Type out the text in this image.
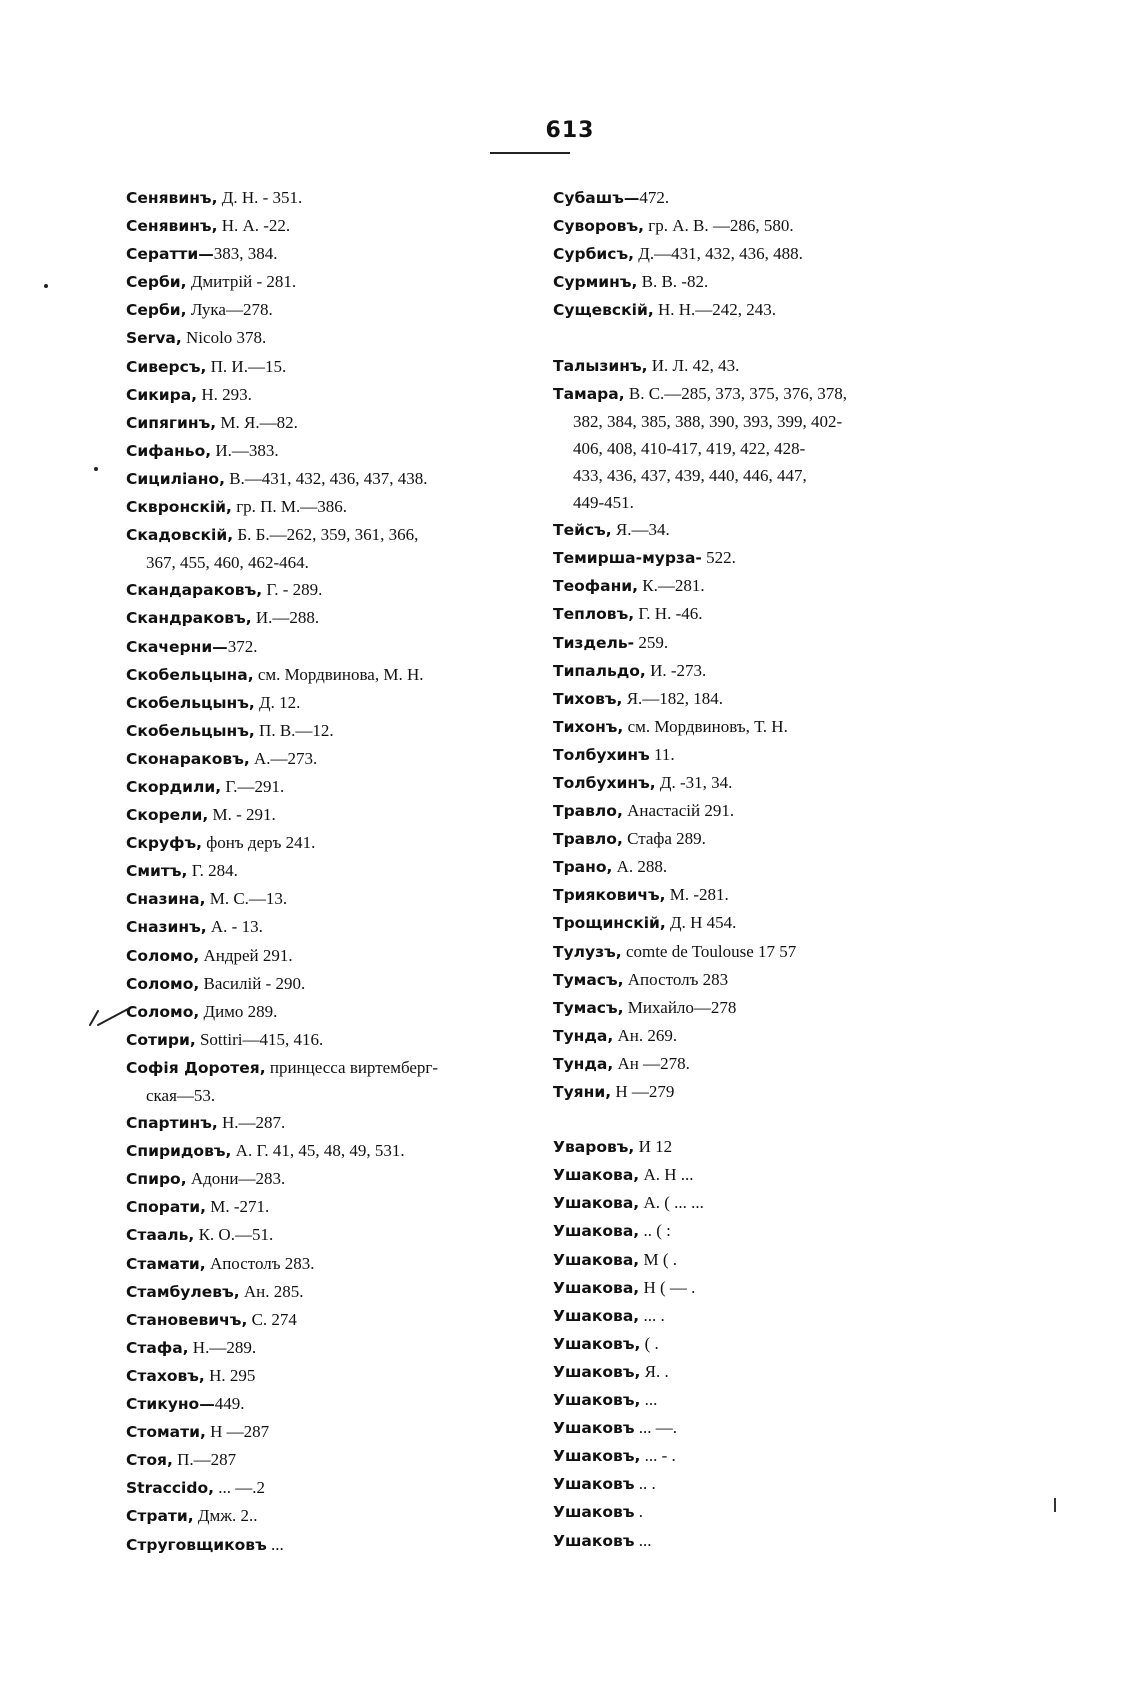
613
Сенявинъ, Д. Н. - 351.
Сенявинъ, Н. А. -22.
Сератти—383, 384.
Серби, Дмитрій - 281.
Серби, Лука—278.
Serva, Nicolo 378.
Сиверсъ, П. И.—15.
Сикира, Н. 293.
Сипягинъ, М. Я.—82.
Сифаньо, И.—383.
Сициліано, В.—431, 432, 436, 437, 438.
Сквронскій, гр. П. М.—386.
Скадовскій, Б. Б.—262, 359, 361, 366,
367, 455, 460, 462-464.
Скандараковъ, Г. - 289.
Скандраковъ, И.—288.
Скачерни—372.
Скобельцына, см. Мордвинова, М. Н.
Скобельцынъ, Д. 12.
Скобельцынъ, П. В.—12.
Сконараковъ, А.—273.
Скордили, Г.—291.
Скорели, М. - 291.
Скруфъ, фонъ деръ 241.
Смитъ, Г. 284.
Сназина, М. С.—13.
Сназинъ, А. - 13.
Соломо, Андрей 291.
Соломо, Василій - 290.
Соломо, Димо 289.
Сотири, Sottiri—415, 416.
Софія Доротея, принцесса виртемберг-
ская—53.
Спартинъ, Н.—287.
Спиридовъ, А. Г. 41, 45, 48, 49, 531.
Спиро, Адони—283.
Спорати, М. -271.
Стааль, К. О.—51.
Стамати, Апостолъ 283.
Стамбулевъ, Ан. 285.
Становевичъ, С. 274
Стафа, Н.—289.
Стаховъ, Н. 295
Стикуно—449.
Стомати, Н —287
Стоя, П.—287
Straccido, ... —.2
Страти, Дмж. 2..
Струговщиковъ ...
Субашъ—472.
Суворовъ, гр. А. В. —286, 580.
Сурбисъ, Д.—431, 432, 436, 488.
Сурминъ, В. В. -82.
Сущевскій, Н. Н.—242, 243.
Талызинъ, И. Л. 42, 43.
Тамара, В. С.—285, 373, 375, 376, 378,
382, 384, 385, 388, 390, 393, 399, 402-
406, 408, 410-417, 419, 422, 428-
433, 436, 437, 439, 440, 446, 447,
449-451.
Тейсъ, Я.—34.
Темирша-мурза- 522.
Теофани, К.—281.
Тепловъ, Г. Н. -46.
Тиздель- 259.
Типальдо, И. -273.
Тиховъ, Я.—182, 184.
Тихонъ, см. Мордвиновъ, Т. Н.
Толбухинъ 11.
Толбухинъ, Д. -31, 34.
Травло, Анастасій 291.
Травло, Стафа 289.
Трано, А. 288.
Трияковичъ, М. -281.
Трощинскій, Д. Н 454.
Тулузъ, comte de Toulouse 17 57
Тумасъ, Апостолъ 283
Тумасъ, Михайло—278
Тунда, Ан. 269.
Тунда, Ан —278.
Туяни, Н —279
Уваровъ, И 12
Ушакова, А. Н ...
Ушакова, А. ( ... ...
Ушакова, .. ( :
Ушакова, М ( .
Ушакова, Н ( — .
Ушакова, ... .
Ушаковъ, ( .
Ушаковъ, Я. .
Ушаковъ, ...
Ушаковъ ... —.
Ушаковъ, ... - .
Ушаковъ .. .
Ушаковъ .
Ушаковъ ...
